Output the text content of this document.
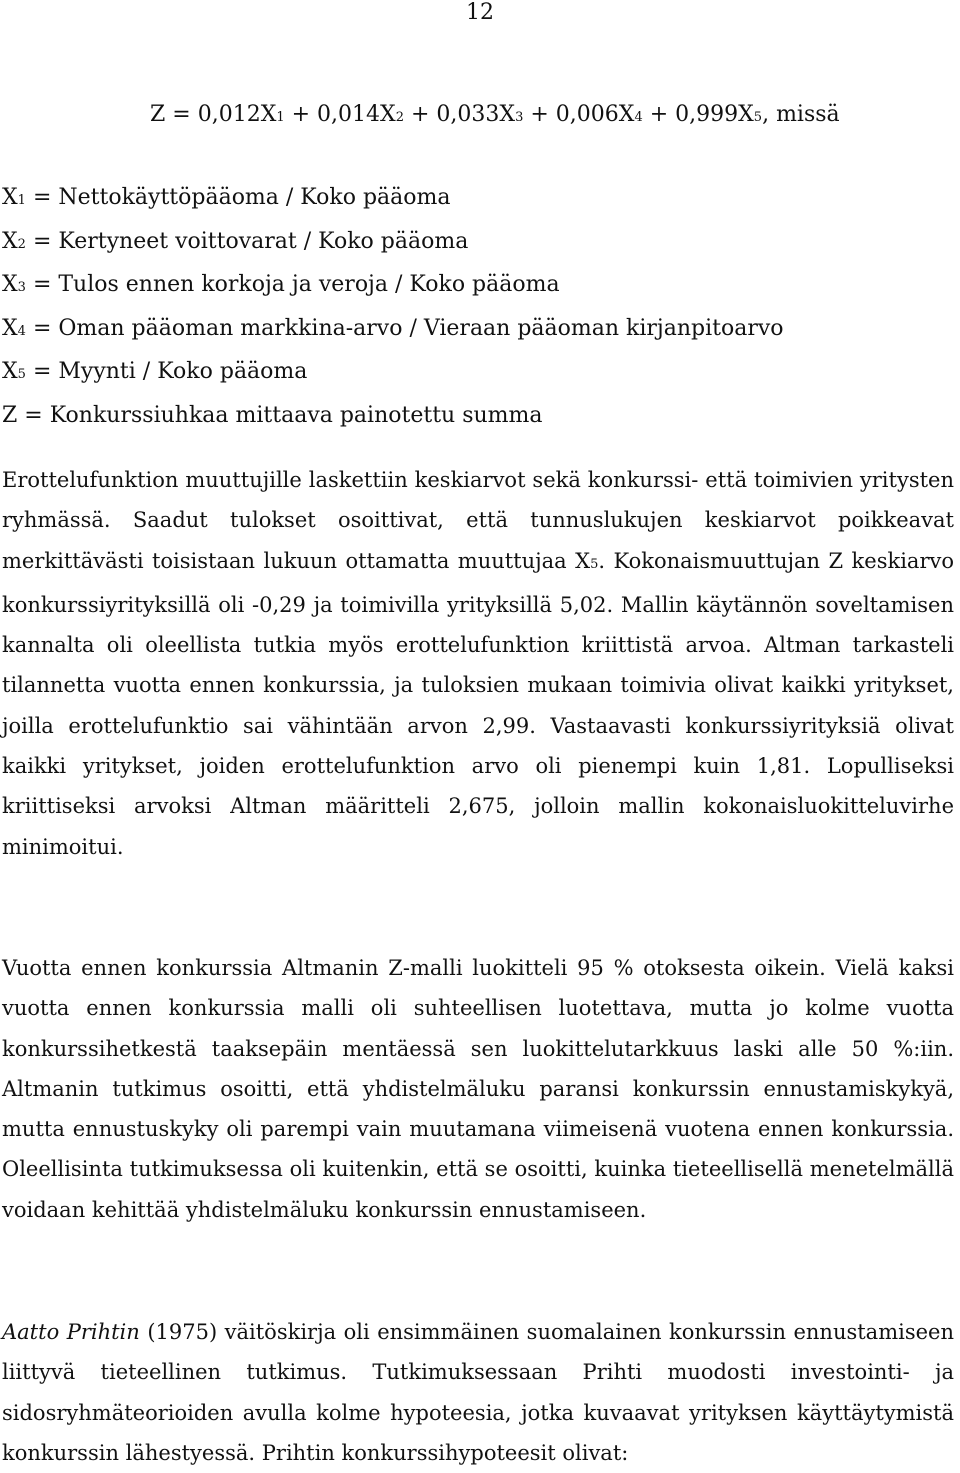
12
Z = 0,012X1 + 0,014X2 + 0,033X3 + 0,006X4 + 0,999X5, missä
X1 = Nettokäyttöpääoma / Koko pääoma
X2 = Kertyneet voittovarat / Koko pääoma
X3 = Tulos ennen korkoja ja veroja / Koko pääoma
X4 = Oman pääoman markkina-arvo / Vieraan pääoman kirjanpitoarvo
X5 = Myynti / Koko pääoma
Z = Konkurssiuhkaa mittaava painotettu summa

Erottelufunktion muuttujille laskettiin keskiarvot sekä konkurssi- että toimivien yritysten ryhmässä. Saadut tulokset osoittivat, että tunnuslukujen keskiarvot poikkeavat merkittävästi toisistaan lukuun ottamatta muuttujaa X5. Kokonaismuuttujan Z keskiarvo konkurssiyrityksillä oli -0,29 ja toimivilla yrityksillä 5,02. Mallin käytännön soveltamisen kannalta oli oleellista tutkia myös erottelufunktion kriittistä arvoa. Altman tarkasteli tilannetta vuotta ennen konkurssia, ja tuloksien mukaan toimivia olivat kaikki yritykset, joilla erottelufunktio sai vähintään arvon 2,99. Vastaavasti konkurssiyrityksiä olivat kaikki yritykset, joiden erottelufunktion arvo oli pienempi kuin 1,81. Lopulliseksi kriittiseksi arvoksi Altman määritteli 2,675, jolloin mallin kokonaisluokitteluvirhe minimoitui.

Vuotta ennen konkurssia Altmanin Z-malli luokitteli 95 % otoksesta oikein. Vielä kaksi vuotta ennen konkurssia malli oli suhteellisen luotettava, mutta jo kolme vuotta konkurssihetkestä taaksepäin mentäessä sen luokittelutarkkuus laski alle 50 %:iin. Altmanin tutkimus osoitti, että yhdistelmäluku paransi konkurssin ennustamiskykyä, mutta ennustuskyky oli parempi vain muutamana viimeisenä vuotena ennen konkurssia. Oleellisinta tutkimuksessa oli kuitenkin, että se osoitti, kuinka tieteellisellä menetelmällä voidaan kehittää yhdistelmäluku konkurssin ennustamiseen.

Aatto Prihtin (1975) väitöskirja oli ensimmäinen suomalainen konkurssin ennustamiseen liittyvä tieteellinen tutkimus. Tutkimuksessaan Prihti muodosti investointi- ja sidosryhmäteorioiden avulla kolme hypoteesia, jotka kuvaavat yrityksen käyttäytymistä konkurssin lähestyessä. Prihtin konkurssihypoteesit olivat:
